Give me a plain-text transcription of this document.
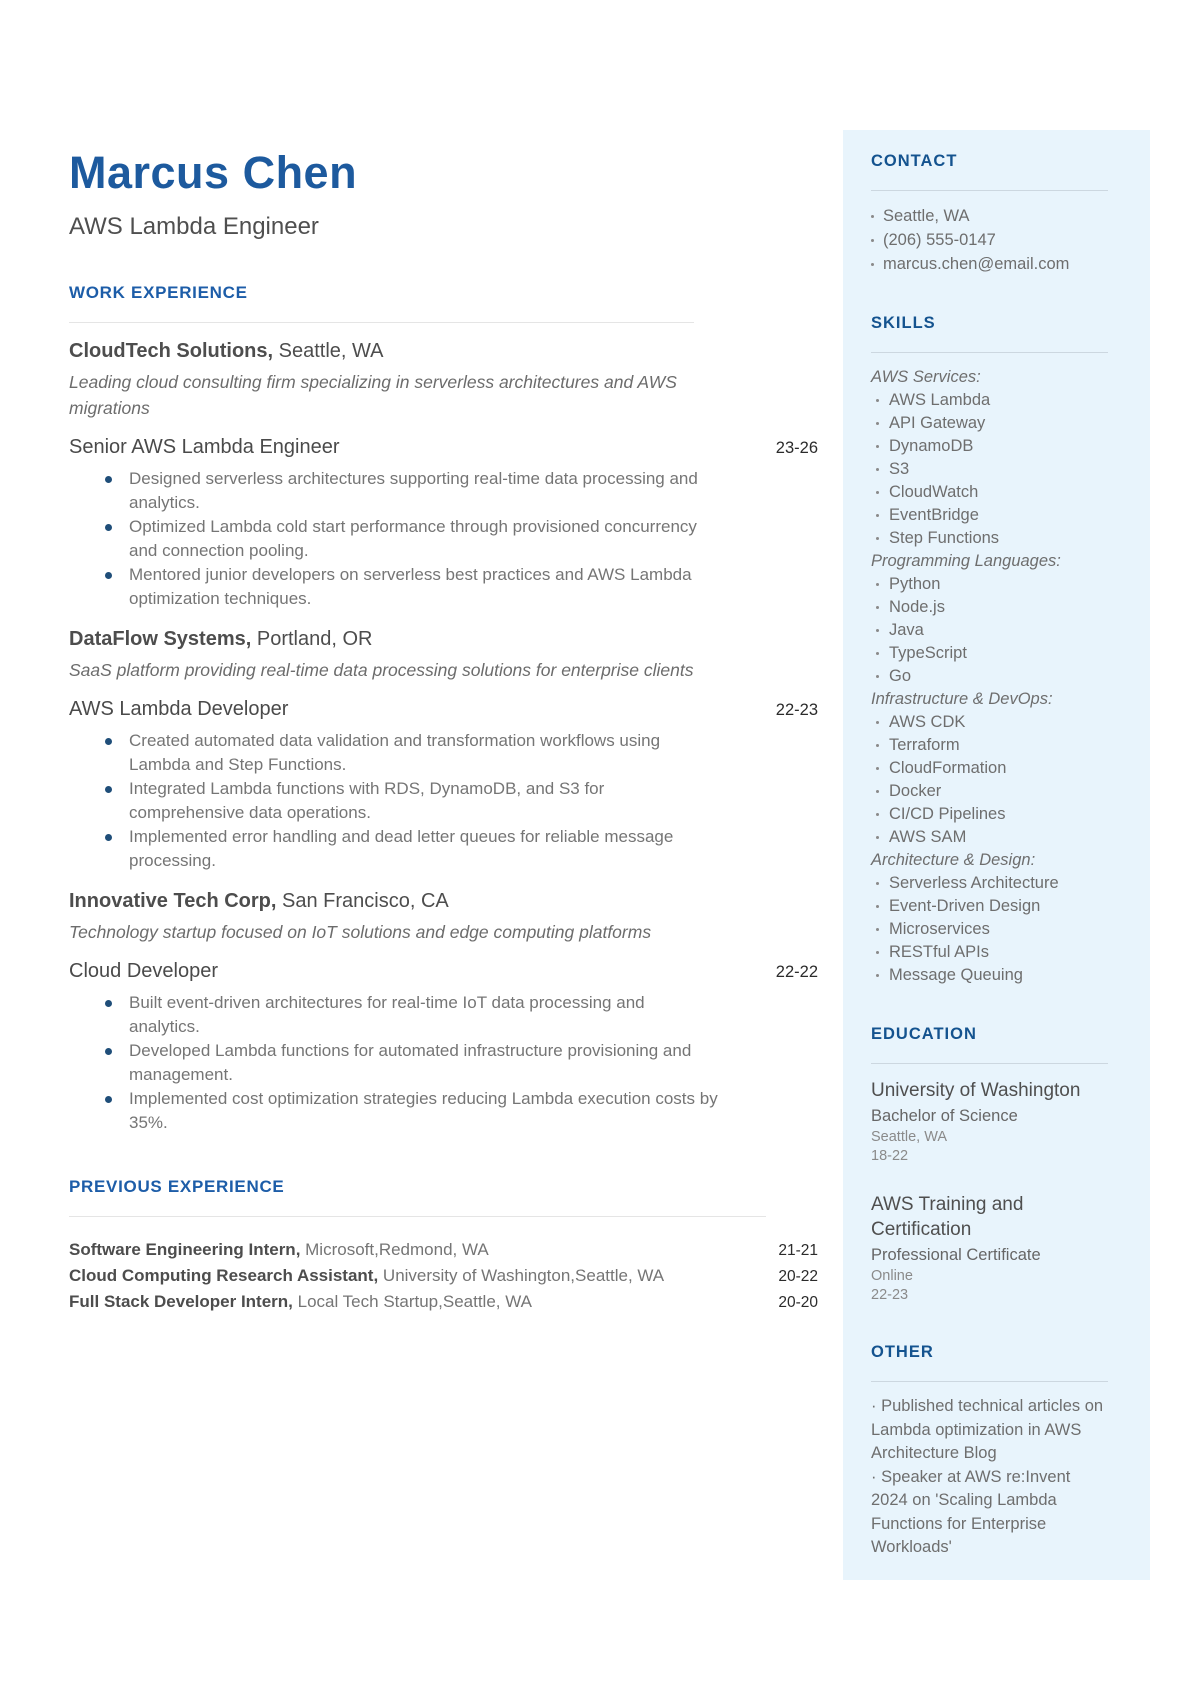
Marcus Chen
AWS Lambda Engineer
WORK EXPERIENCE

CloudTech Solutions, Seattle, WA

Leading cloud consulting firm specializing in serverless architectures and AWS migrations

Senior AWS Lambda Engineer	23-26
Designed serverless architectures supporting real-time data processing and analytics.
Optimized Lambda cold start performance through provisioned concurrency and connection pooling.
Mentored junior developers on serverless best practices and AWS Lambda optimization techniques.

DataFlow Systems, Portland, OR

SaaS platform providing real-time data processing solutions for enterprise clients

AWS Lambda Developer	22-23
Created automated data validation and transformation workflows using Lambda and Step Functions.
Integrated Lambda functions with RDS, DynamoDB, and S3 for comprehensive data operations.
Implemented error handling and dead letter queues for reliable message processing.

Innovative Tech Corp, San Francisco, CA

Technology startup focused on IoT solutions and edge computing platforms

Cloud Developer	22-22
Built event-driven architectures for real-time IoT data processing and analytics.
Developed Lambda functions for automated infrastructure provisioning and management.
Implemented cost optimization strategies reducing Lambda execution costs by 35%.
PREVIOUS EXPERIENCE
Software Engineering Intern, Microsoft,Redmond, WA	21-21
Cloud Computing Research Assistant, University of Washington,Seattle, WA	20-22
Full Stack Developer Intern, Local Tech Startup,Seattle, WA	20-20
CONTACT
Seattle, WA
(206) 555-0147
marcus.chen@email.com
SKILLS
AWS Services:
AWS Lambda
API Gateway
DynamoDB
S3
CloudWatch
EventBridge
Step Functions
Programming Languages:
Python
Node.js
Java
TypeScript
Go
Infrastructure & DevOps:
AWS CDK
Terraform
CloudFormation
Docker
CI/CD Pipelines
AWS SAM
Architecture & Design:
Serverless Architecture
Event-Driven Design
Microservices
RESTful APIs
Message Queuing
EDUCATION
University of Washington
Bachelor of Science
Seattle, WA
18-22
AWS Training and Certification
Professional Certificate
Online
22-23
OTHER

· Published technical articles on Lambda optimization in AWS Architecture Blog

· Speaker at AWS re:Invent 2024 on 'Scaling Lambda Functions for Enterprise Workloads'
